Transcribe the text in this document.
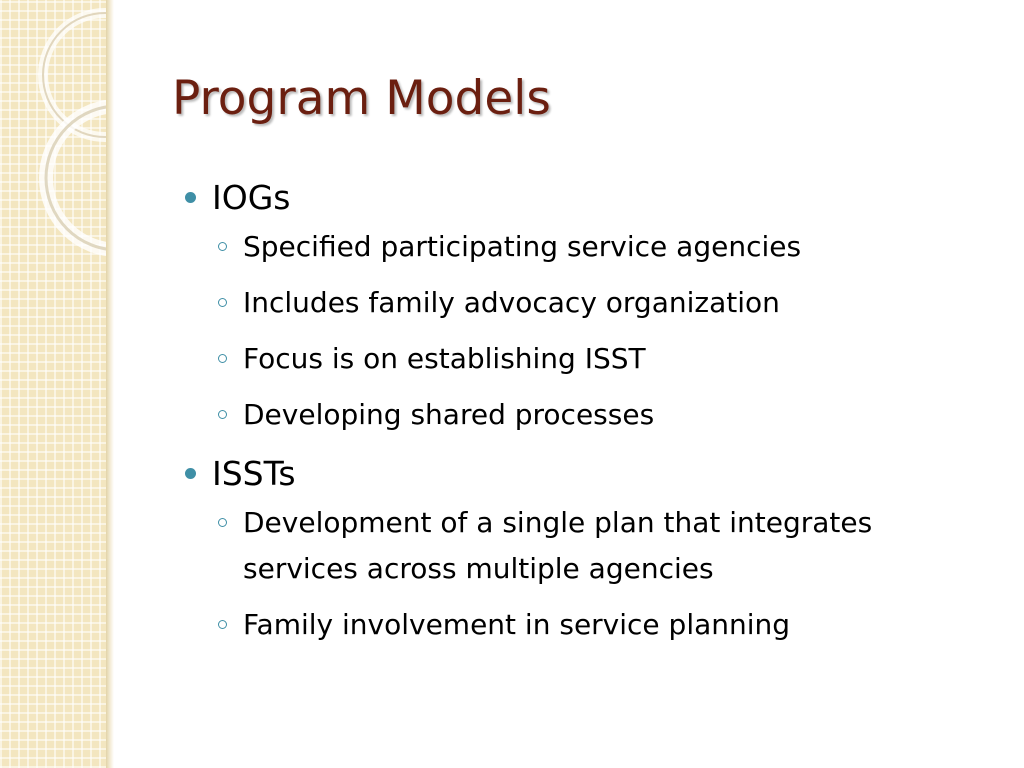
Program Models
IOGs
Specified participating service agencies
Includes family advocacy organization
Focus is on establishing ISST
Developing shared processes
ISSTs
Development of a single plan that integrates services across multiple agencies
Family involvement in service planning
